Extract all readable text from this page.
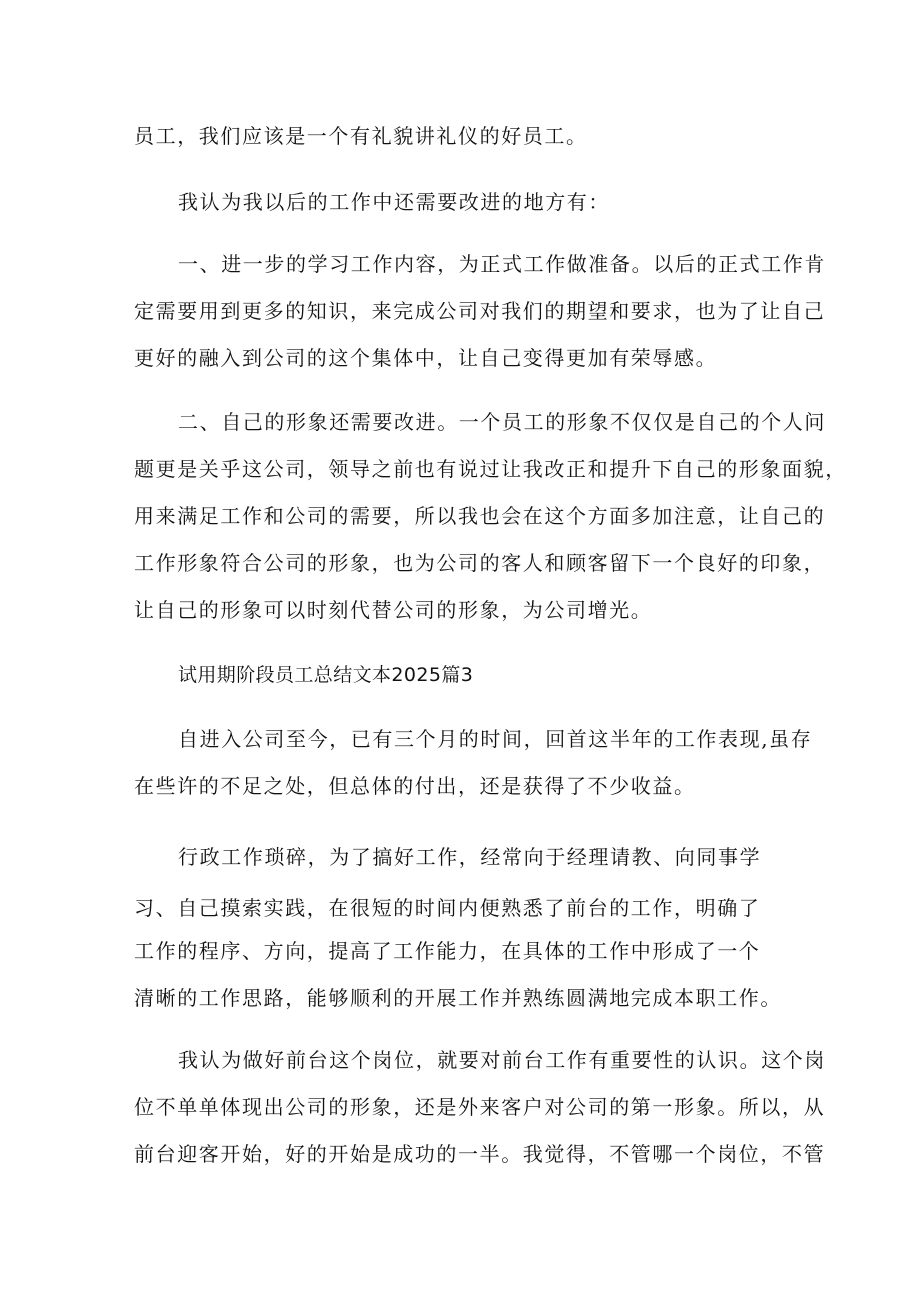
员工，我们应该是一个有礼貌讲礼仪的好员工。
我认为我以后的工作中还需要改进的地方有：
一、进一步的学习工作内容，为正式工作做准备。以后的正式工作肯
定需要用到更多的知识，来完成公司对我们的期望和要求，也为了让自己
更好的融入到公司的这个集体中，让自己变得更加有荣辱感。
二、自己的形象还需要改进。一个员工的形象不仅仅是自己的个人问
题更是关乎这公司，领导之前也有说过让我改正和提升下自己的形象面貌，
用来满足工作和公司的需要，所以我也会在这个方面多加注意，让自己的
工作形象符合公司的形象，也为公司的客人和顾客留下一个良好的印象，
让自己的形象可以时刻代替公司的形象，为公司增光。
试用期阶段员工总结文本2025篇3
自进入公司至今，已有三个月的时间，回首这半年的工作表现,虽存
在些许的不足之处，但总体的付出，还是获得了不少收益。
行政工作琐碎，为了搞好工作，经常向于经理请教、向同事学
习、自己摸索实践，在很短的时间内便熟悉了前台的工作，明确了
工作的程序、方向，提高了工作能力，在具体的工作中形成了一个
清晰的工作思路，能够顺利的开展工作并熟练圆满地完成本职工作。
我认为做好前台这个岗位，就要对前台工作有重要性的认识。这个岗
位不单单体现出公司的形象，还是外来客户对公司的第一形象。所以，从
前台迎客开始，好的开始是成功的一半。我觉得，不管哪一个岗位，不管
